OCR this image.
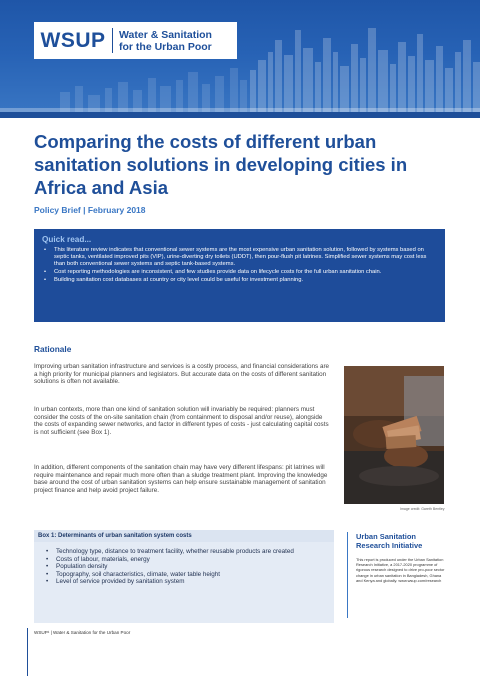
WSUP	Water & Sanitation
for the Urban Poor
Comparing the costs of different urban sanitation solutions in developing cities in Africa and Asia
Policy Brief | February 2018
Quick read...
• This literature review indicates that conventional sewer systems are the most expensive urban sanitation solution, followed by systems based on septic tanks, ventilated improved pits (VIP), urine-diverting dry toilets (UDDT), then pour-flush pit latrines. Simplified sewer systems may cost less than both conventional sewer systems and septic tank-based systems.
• Cost reporting methodologies are inconsistent, and few studies provide data on lifecycle costs for the full urban sanitation chain.
• Building sanitation cost databases at country or city level could be useful for investment planning.
Rationale

Improving urban sanitation infrastructure and services is a costly process, and financial considerations are a high priority for municipal planners and legislators. But accurate data on the costs of different sanitation solutions is often not available.

In urban contexts, more than one kind of sanitation solution will invariably be required: planners must consider the costs of the on-site sanitation chain (from containment to disposal and/or reuse), alongside the costs of expanding sewer networks, and factor in different types of costs - just calculating capital costs is not sufficient (see Box 1).

In addition, different components of the sanitation chain may have very different lifespans: pit latrines will require maintenance and repair much more often than a sludge treatment plant. Improving the knowledge base around the cost of urban sanitation systems can help ensure sustainable management of sanitation project finance and help avoid project failure.

Image credit: Gareth Bentley
Box 1: Determinants of urban sanitation system costs
• Technology type, distance to treatment facility, whether reusable products are created
• Costs of labour, materials, energy
• Population density
• Topography, soil characteristics, climate, water table height
• Level of service provided by sanitation system
Urban Sanitation Research Initiative

This report is produced under the Urban Sanitation Research Initiative, a 2017-2020 programme of rigorous research designed to drive pro-poor sector change in urban sanitation in Bangladesh, Ghana and Kenya and globally. www.wsup.com/research

WSUP¹ | Water & Sanitation for the Urban Poor
